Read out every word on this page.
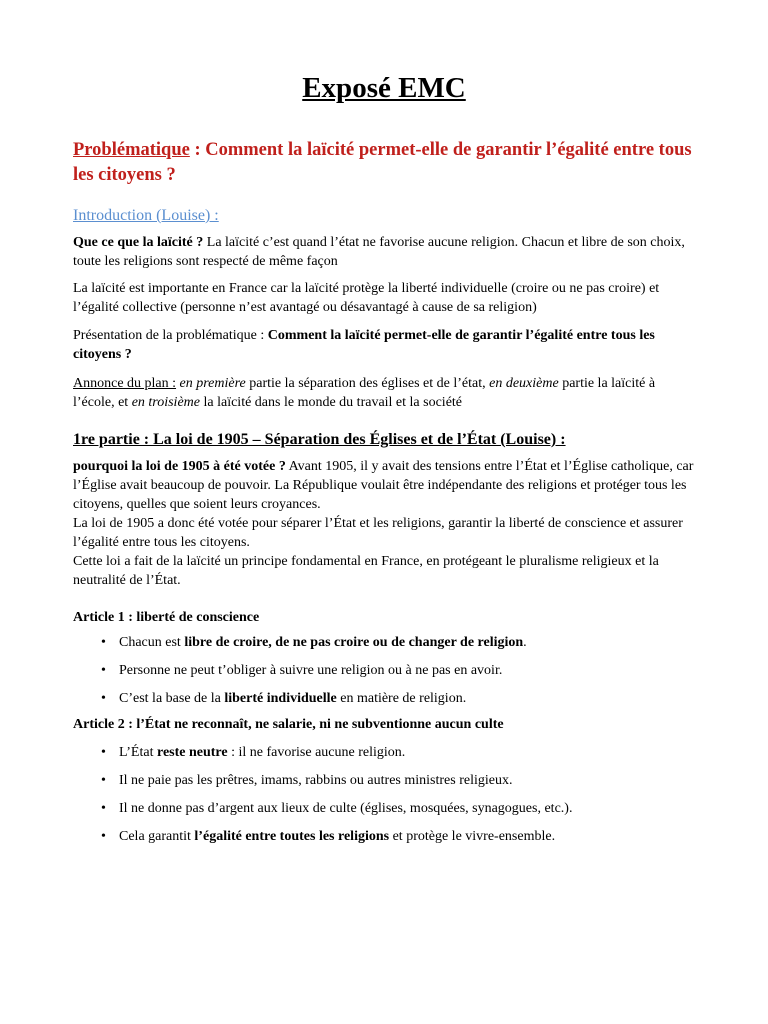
Exposé EMC
Problématique : Comment la laïcité permet-elle de garantir l’égalité entre tous les citoyens ?
Introduction (Louise) :

Que ce que la laïcité ? La laïcité c’est quand l’état ne favorise aucune religion. Chacun et libre de son choix, toute les religions sont respecté de même façon

La laïcité est importante en France car la laïcité protège la liberté individuelle (croire ou ne pas croire) et l’égalité collective (personne n’est avantagé ou désavantagé à cause de sa religion)

Présentation de la problématique : Comment la laïcité permet-elle de garantir l’égalité entre tous les citoyens ?

Annonce du plan : en première partie la séparation des églises et de l’état, en deuxième partie la laïcité à l’école, et en troisième la laïcité dans le monde du travail et la société

1re partie : La loi de 1905 – Séparation des Églises et de l’État (Louise) :

pourquoi la loi de 1905 à été votée ? Avant 1905, il y avait des tensions entre l’État et l’Église catholique, car l’Église avait beaucoup de pouvoir. La République voulait être indépendante des religions et protéger tous les citoyens, quelles que soient leurs croyances.

La loi de 1905 a donc été votée pour séparer l’État et les religions, garantir la liberté de conscience et assurer l’égalité entre tous les citoyens.

Cette loi a fait de la laïcité un principe fondamental en France, en protégeant le pluralisme religieux et la neutralité de l’État.

Article 1 : liberté de conscience
• Chacun est libre de croire, de ne pas croire ou de changer de religion.
• Personne ne peut t’obliger à suivre une religion ou à ne pas en avoir.
• C’est la base de la liberté individuelle en matière de religion.
Article 2 : l’État ne reconnaît, ne salarie, ni ne subventionne aucun culte
• L’État reste neutre : il ne favorise aucune religion.
• Il ne paie pas les prêtres, imams, rabbins ou autres ministres religieux.
• Il ne donne pas d’argent aux lieux de culte (églises, mosquées, synagogues, etc.).
• Cela garantit l’égalité entre toutes les religions et protège le vivre-ensemble.
